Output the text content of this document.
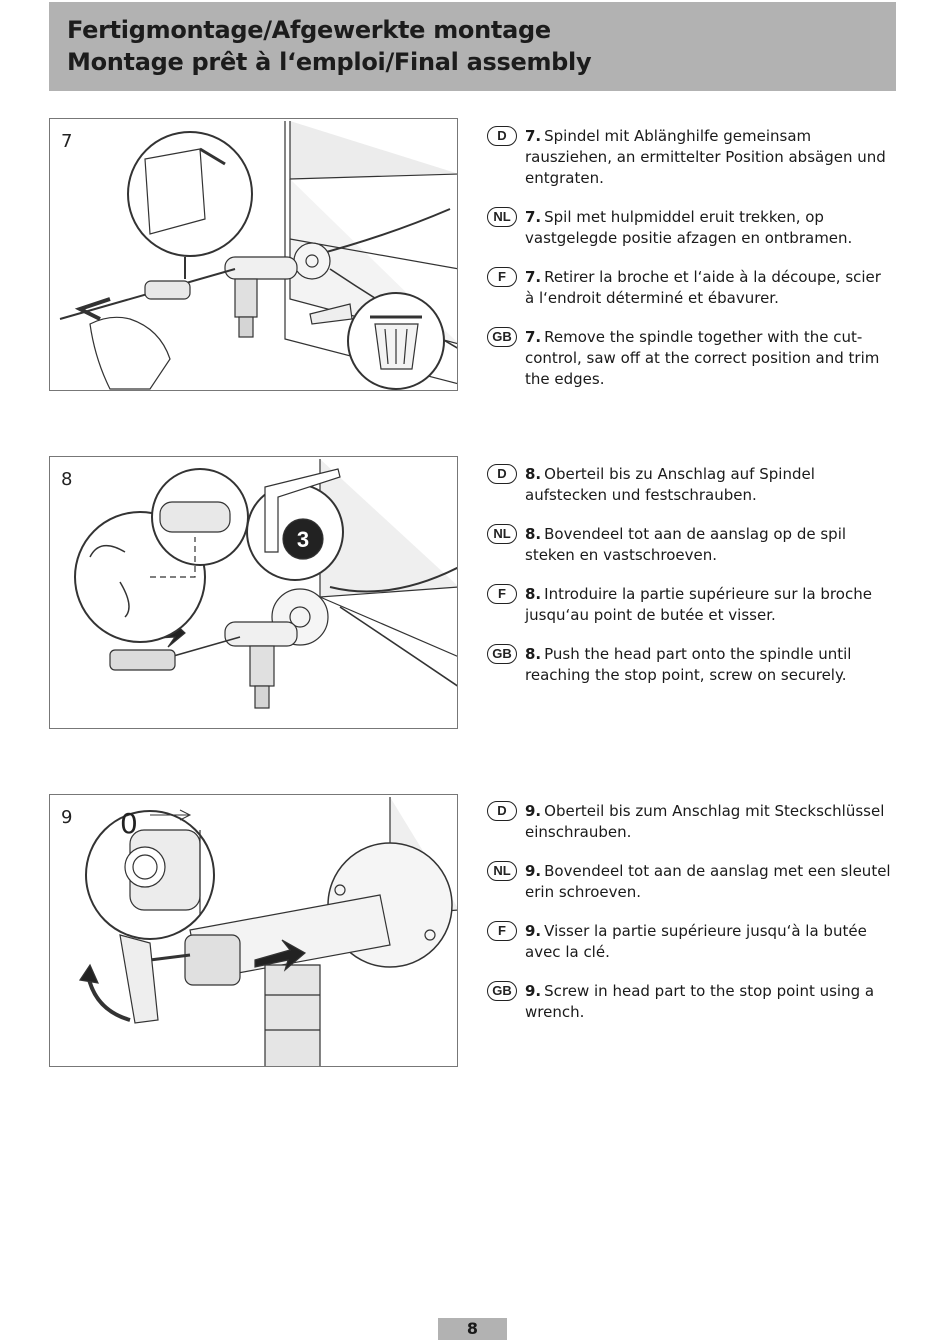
Fertigmontage/Afgewerkte montage
Montage prêt à l‘emploi/Final assembly
7	D	7. Spindel mit Ablänghilfe gemeinsam rausziehen, an ermittelter Position absägen und entgraten.
NL 7. Spil met hulpmiddel eruit trekken, op vastgelegde positie afzagen en ontbramen.
F	7. Retirer la broche et l‘aide à la découpe, scier à l‘endroit déterminé et ébavurer.
GB 7. Remove the spindle together with the cut-control, saw off at the correct position and trim the edges.
3
8	D	8. Oberteil bis zu Anschlag auf Spindel aufstecken und festschrauben.
NL 8. Bovendeel tot aan de aanslag op de spil steken en vastschroeven.
F	8. Introduire la partie supérieure sur la broche jusqu‘au point de butée et visser.
GB 8. Push the head part onto the spindle until reaching the stop point, screw on securely.
0
9	D	9. Oberteil bis zum Anschlag mit Steckschlüssel einschrauben.
NL 9. Bovendeel tot aan de aanslag met een sleutel erin schroeven.
F	9. Visser la partie supérieure jusqu‘à la butée avec la clé.
GB 9. Screw in head part to the stop point using a wrench.
8
